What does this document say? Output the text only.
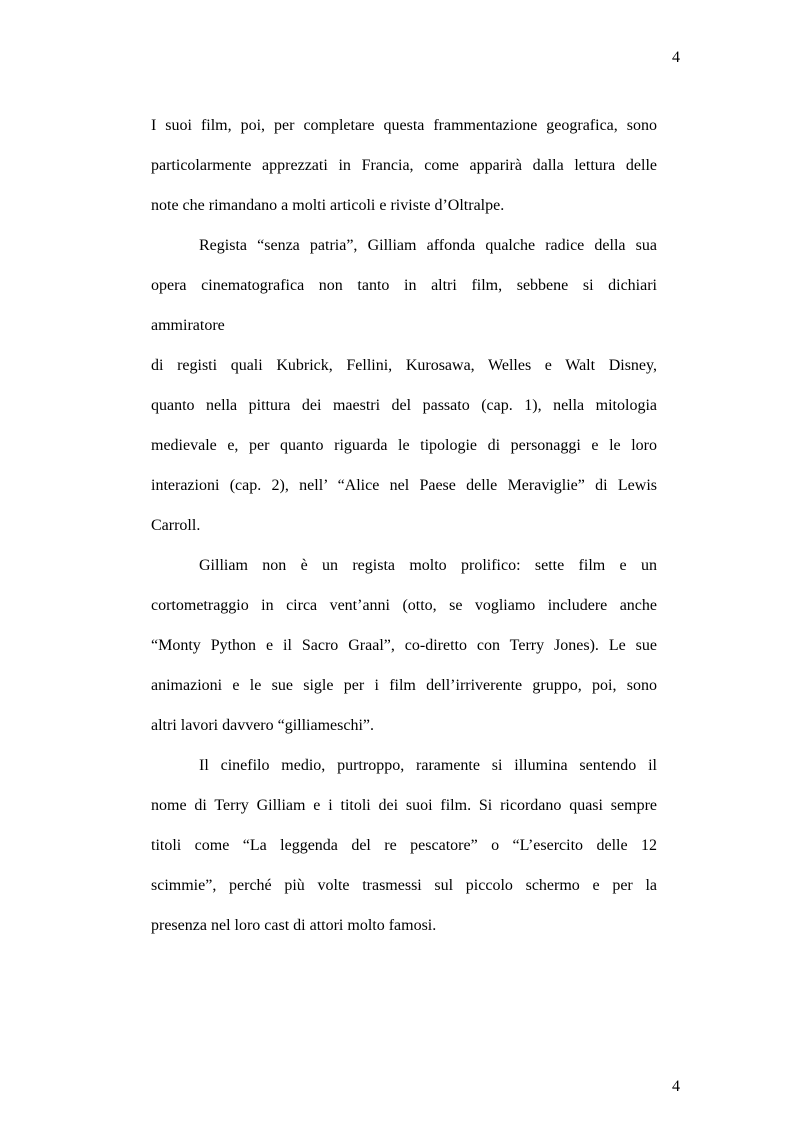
4
I suoi film, poi, per completare questa frammentazione geografica, sono
particolarmente apprezzati in Francia, come apparirà dalla lettura delle
note che rimandano a molti articoli e riviste d’Oltralpe.
Regista “senza patria”, Gilliam affonda qualche radice della sua
opera cinematografica non tanto in altri film, sebbene si dichiari
ammiratore
di registi quali Kubrick, Fellini, Kurosawa, Welles e Walt Disney,
quanto nella pittura dei maestri del passato (cap. 1), nella mitologia
medievale e, per quanto riguarda le tipologie di personaggi e le loro
interazioni (cap. 2), nell’ “Alice nel Paese delle Meraviglie” di Lewis
Carroll.
Gilliam non è un regista molto prolifico: sette film e un
cortometraggio in circa vent’anni (otto, se vogliamo includere anche
“Monty Python e il Sacro Graal”, co-diretto con Terry Jones). Le sue
animazioni e le sue sigle per i film dell’irriverente gruppo, poi, sono
altri lavori davvero “gilliameschi”.
Il cinefilo medio, purtroppo, raramente si illumina sentendo il
nome di Terry Gilliam e i titoli dei suoi film. Si ricordano quasi sempre
titoli come “La leggenda del re pescatore” o “L’esercito delle 12
scimmie”, perché più volte trasmessi sul piccolo schermo e per la
presenza nel loro cast di attori molto famosi.
4
